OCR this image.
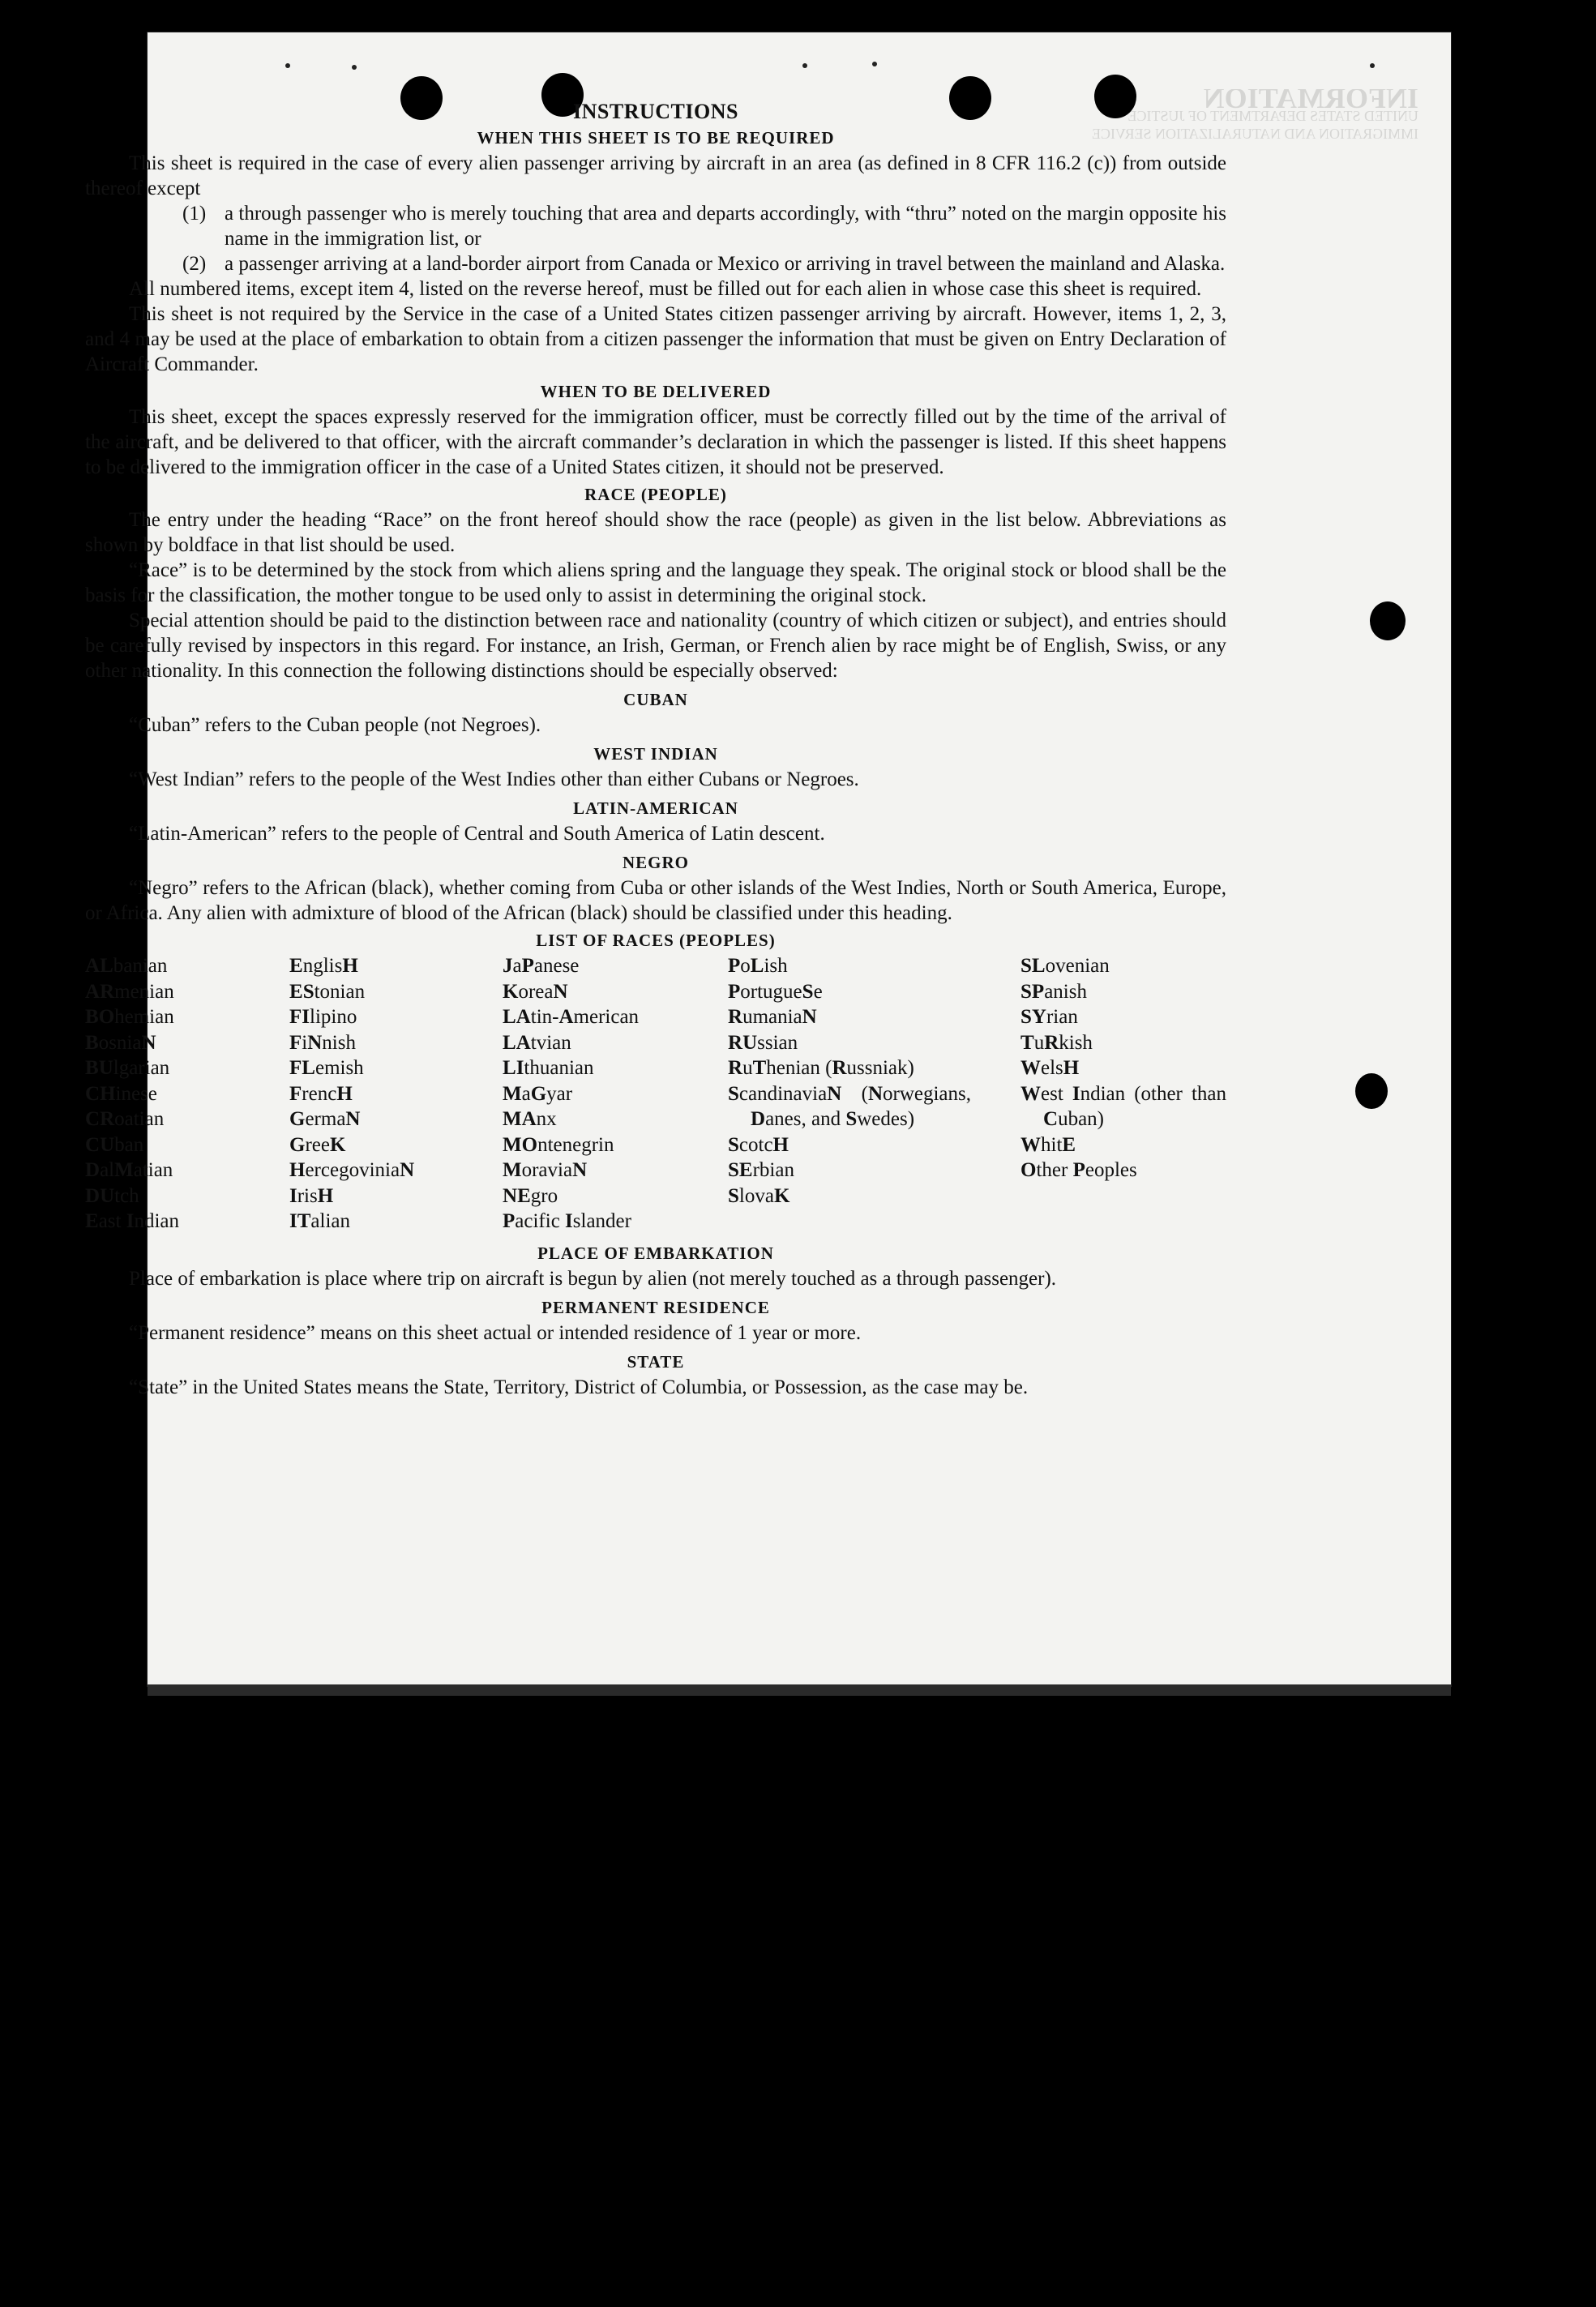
INFORMATION
UNITED STATES DEPARTMENT OF JUSTICE
IMMIGRATION AND NATURALIZATION SERVICE
INSTRUCTIONS
WHEN THIS SHEET IS TO BE REQUIRED

This sheet is required in the case of every alien passenger arriving by aircraft in an area (as defined in 8 CFR 116.2 (c)) from outside thereof except

(1) a through passenger who is merely touching that area and departs accordingly, with “thru” noted on the margin opposite his name in the immigration list, or
(2) a passenger arriving at a land-border airport from Canada or Mexico or arriving in travel between the mainland and Alaska.

All numbered items, except item 4, listed on the reverse hereof, must be filled out for each alien in whose case this sheet is required.

This sheet is not required by the Service in the case of a United States citizen passenger arriving by aircraft. However, items 1, 2, 3, and 4 may be used at the place of embarkation to obtain from a citizen passenger the information that must be given on Entry Declaration of Aircraft Commander.

WHEN TO BE DELIVERED

This sheet, except the spaces expressly reserved for the immigration officer, must be correctly filled out by the time of the arrival of the aircraft, and be delivered to that officer, with the aircraft commander’s declaration in which the passenger is listed. If this sheet happens to be delivered to the immigration officer in the case of a United States citizen, it should not be preserved.

RACE (PEOPLE)

The entry under the heading “Race” on the front hereof should show the race (people) as given in the list below. Abbreviations as shown by boldface in that list should be used.

“Race” is to be determined by the stock from which aliens spring and the language they speak. The original stock or blood shall be the basis for the classification, the mother tongue to be used only to assist in determining the original stock.

Special attention should be paid to the distinction between race and nationality (country of which citizen or subject), and entries should be carefully revised by inspectors in this regard. For instance, an Irish, German, or French alien by race might be of English, Swiss, or any other nationality. In this connection the following distinctions should be especially observed:

CUBAN

“Cuban” refers to the Cuban people (not Negroes).

WEST INDIAN

“West Indian” refers to the people of the West Indies other than either Cubans or Negroes.

LATIN-AMERICAN

“Latin-American” refers to the people of Central and South America of Latin descent.

NEGRO

“Negro” refers to the African (black), whether coming from Cuba or other islands of the West Indies, North or South America, Europe, or Africa. Any alien with admixture of blood of the African (black) should be classified under this heading.

LIST OF RACES (PEOPLES)
ALbanian
ARmenian
BOhemian
BosniaN
BUlgarian
CHinese
CRoatian
CUban
DalMatian
DUtch
East Indian
EnglisH
EStonian
FIlipino
FiNnish
FLemish
FrencH
GermaN
GreeK
HercegoviniaN
IrisH
ITalian
JaPanese
KoreaN
LAtin-American
LAtvian
LIthuanian
MaGyar
MAnx
MOntenegrin
MoraviaN
NEgro
Pacific Islander
PoLish
PortugueSe
RumaniaN
RUssian
RuThenian (Russniak)
ScandinaviaN (Norwegians, Danes, and Swedes)
ScotcH
SErbian
SlovaK
SLovenian
SPanish
SYrian
TuRkish
WelsH
West Indian (other than Cuban)
WhitE
Other Peoples
PLACE OF EMBARKATION

Place of embarkation is place where trip on aircraft is begun by alien (not merely touched as a through passenger).

PERMANENT RESIDENCE

“Permanent residence” means on this sheet actual or intended residence of 1 year or more.

STATE

“State” in the United States means the State, Territory, District of Columbia, or Possession, as the case may be.
